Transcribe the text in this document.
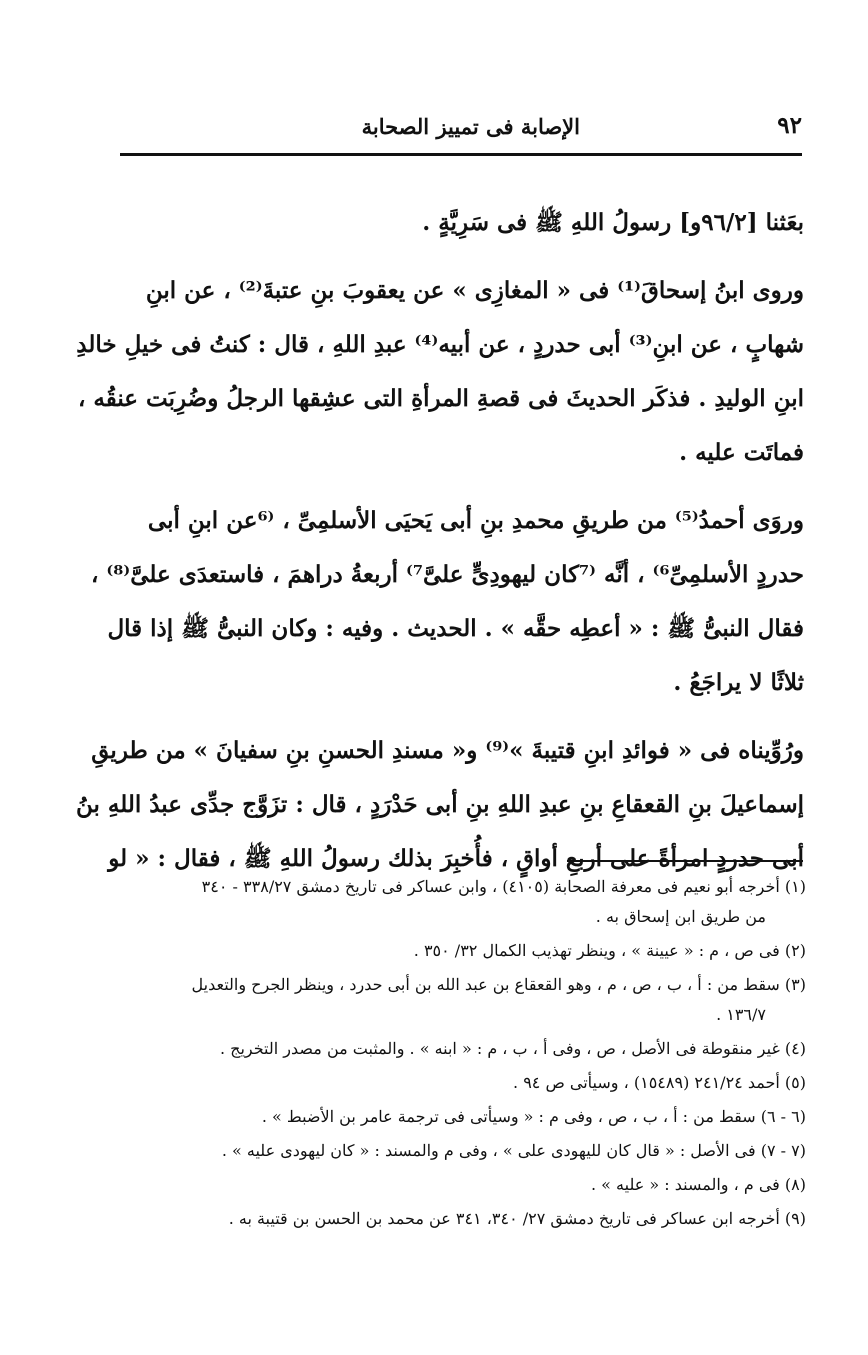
٩٢
الإصابة فى تمييز الصحابة
بعَثنا [٩٦/٢و] رسولُ اللهِ ﷺ فى سَرِيَّةٍ .
وروى ابنُ إسحاقَ⁽¹⁾ فى « المغازِى » عن يعقوبَ بنِ عتبةَ⁽²⁾ ، عن ابنِ
شهابٍ ، عن ابنِ⁽³⁾ أبى حدردٍ ، عن أبيه⁽⁴⁾ عبدِ اللهِ ، قال : كنتُ فى خيلِ خالدِ
ابنِ الوليدِ . فذكَر الحديثَ فى قصةِ المرأةِ التى عشِقها الرجلُ وضُرِبَت عنقُه ،
فماتَت عليه .
وروَى أحمدُ⁽⁵⁾ من طريقِ محمدِ بنِ أبى يَحيَى الأسلمِىِّ ، ⁽⁶عن ابنِ أبى
حدردٍ الأسلمِىِّ⁶⁾ ، أنَّه ⁽⁷كان ليهودِىٍّ علىَّ⁷⁾ أربعةُ دراهمَ ، فاستعدَى علىَّ⁽⁸⁾ ،
فقال النبىُّ ﷺ : « أعطِه حقَّه » . الحديث . وفيه : وكان النبىُّ ﷺ إذا قال
ثلاثًا لا يراجَعُ .
ورُوِّيناه فى « فوائدِ ابنِ قتيبةَ »⁽⁹⁾ و« مسندِ الحسنِ بنِ سفيانَ » من طريقِ
إسماعيلَ بنِ القعقاعِ بنِ عبدِ اللهِ بنِ أبى حَدْرَدٍ ، قال : تزَوَّج جدِّى عبدُ اللهِ بنُ
أبى حدردٍ امرأةً على أربعِ أواقٍ ، فأُخبِرَ بذلك رسولُ اللهِ ﷺ ، فقال : « لو
(١) أخرجه أبو نعيم فى معرفة الصحابة (٤١٠٥) ، وابن عساكر فى تاريخ دمشق ٣٣٨/٢٧ - ٣٤٠
من طريق ابن إسحاق به .
(٢) فى ص ، م : « عيينة » ، وينظر تهذيب الكمال ٣٢/ ٣٥٠ .
(٣) سقط من : أ ، ب ، ص ، م ، وهو القعقاع بن عبد الله بن أبى حدرد ، وينظر الجرح والتعديل
١٣٦/٧ .
(٤) غير منقوطة فى الأصل ، ص ، وفى أ ، ب ، م : « ابنه » . والمثبت من مصدر التخريج .
(٥) أحمد ٢٤١/٢٤ (١٥٤٨٩) ، وسيأتى ص ٩٤ .
(٦ - ٦) سقط من : أ ، ب ، ص ، وفى م : « وسيأتى فى ترجمة عامر بن الأضبط » .
(٧ - ٧) فى الأصل : « قال كان لليهودى على » ، وفى م والمسند : « كان ليهودى عليه » .
(٨) فى م ، والمسند : « عليه » .
(٩) أخرجه ابن عساكر فى تاريخ دمشق ٢٧/ ٣٤٠، ٣٤١ عن محمد بن الحسن بن قتيبة به .
